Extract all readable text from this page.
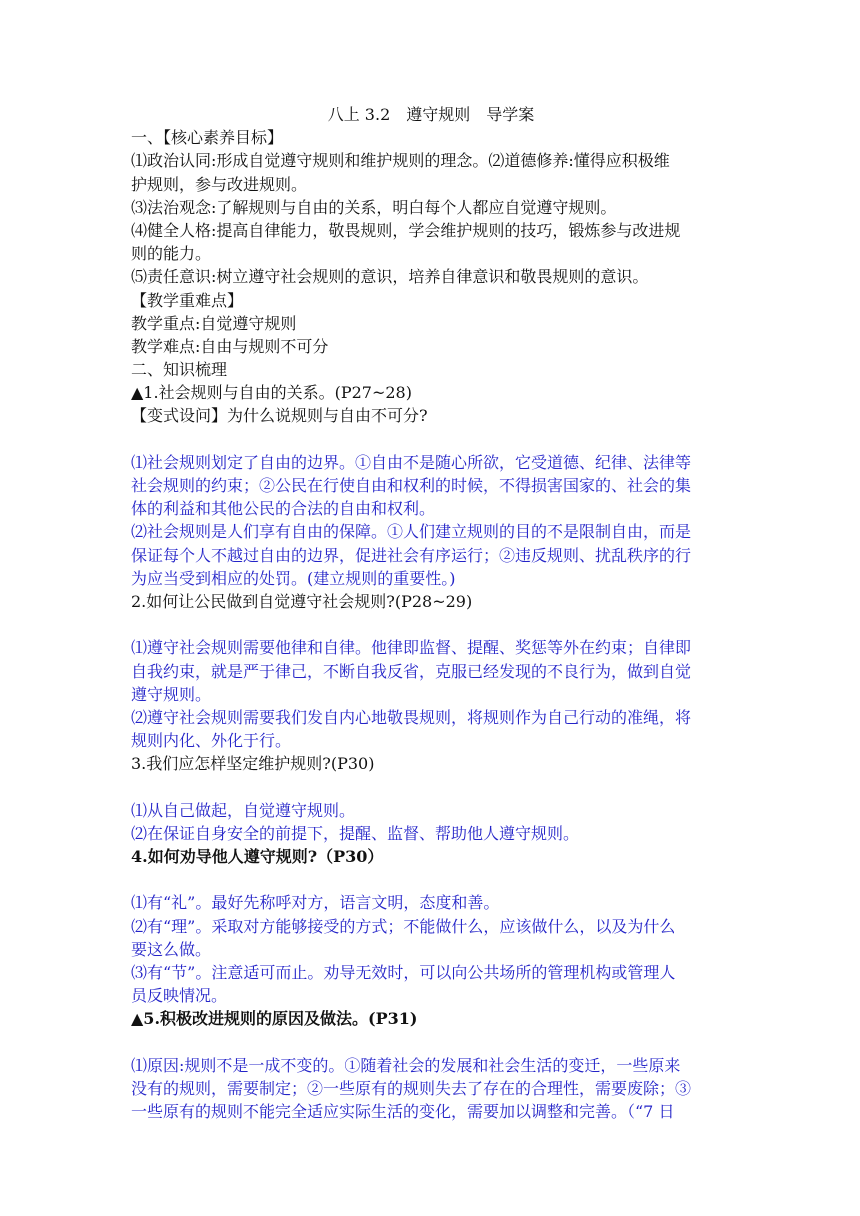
八上 3.2　遵守规则　导学案
一、【核心素养目标】
⑴政治认同:形成自觉遵守规则和维护规则的理念。⑵道德修养:懂得应积极维
护规则，参与改进规则。
⑶法治观念:了解规则与自由的关系，明白每个人都应自觉遵守规则。
⑷健全人格:提高自律能力，敬畏规则，学会维护规则的技巧，锻炼参与改进规
则的能力。
⑸责任意识:树立遵守社会规则的意识，培养自律意识和敬畏规则的意识。
【教学重难点】
教学重点:自觉遵守规则
教学难点:自由与规则不可分
二、知识梳理
▲1.社会规则与自由的关系。(P27~28)
【变式设问】为什么说规则与自由不可分?
⑴社会规则划定了自由的边界。①自由不是随心所欲，它受道德、纪律、法律等
社会规则的约束；②公民在行使自由和权利的时候，不得损害国家的、社会的集
体的利益和其他公民的合法的自由和权利。
⑵社会规则是人们享有自由的保障。①人们建立规则的目的不是限制自由，而是
保证每个人不越过自由的边界，促进社会有序运行；②违反规则、扰乱秩序的行
为应当受到相应的处罚。(建立规则的重要性。)
2.如何让公民做到自觉遵守社会规则?(P28~29)
⑴遵守社会规则需要他律和自律。他律即监督、提醒、奖惩等外在约束；自律即
自我约束，就是严于律己，不断自我反省，克服已经发现的不良行为，做到自觉
遵守规则。
⑵遵守社会规则需要我们发自内心地敬畏规则，将规则作为自己行动的准绳，将
规则内化、外化于行。
3.我们应怎样坚定维护规则?(P30)
⑴从自己做起，自觉遵守规则。
⑵在保证自身安全的前提下，提醒、监督、帮助他人遵守规则。
4.如何劝导他人遵守规则?（P30）
⑴有“礼”。最好先称呼对方，语言文明，态度和善。
⑵有“理”。采取对方能够接受的方式；不能做什么，应该做什么，以及为什么
要这么做。
⑶有“节”。注意适可而止。劝导无效时，可以向公共场所的管理机构或管理人
员反映情况。
▲5.积极改进规则的原因及做法。(P31)
⑴原因:规则不是一成不变的。①随着社会的发展和社会生活的变迁，一些原来
没有的规则，需要制定；②一些原有的规则失去了存在的合理性，需要废除；③
一些原有的规则不能完全适应实际生活的变化，需要加以调整和完善。（“7 日
